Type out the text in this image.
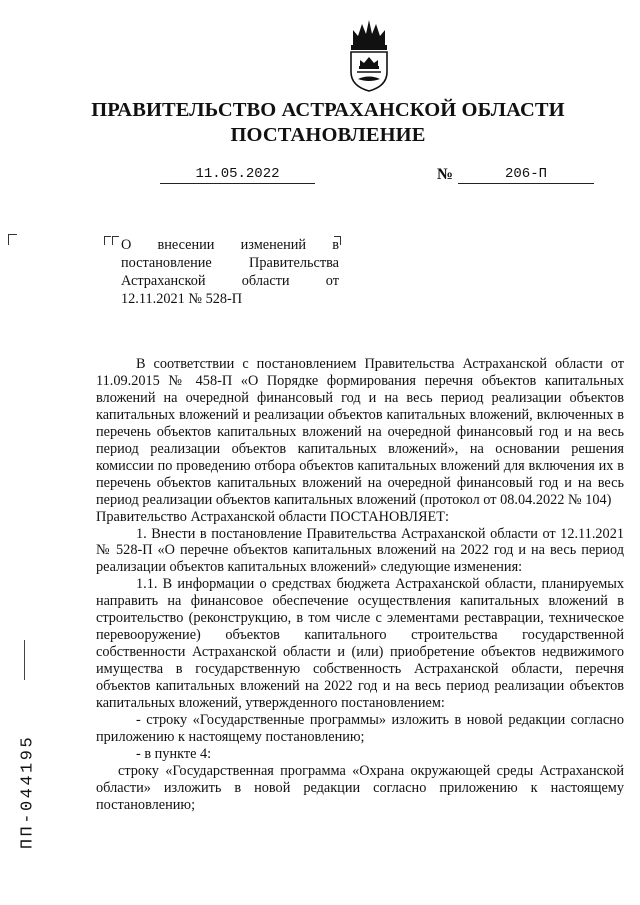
ПРАВИТЕЛЬСТВО АСТРАХАНСКОЙ ОБЛАСТИ
ПОСТАНОВЛЕНИЕ
11.05.2022	№	206-П
О внесении изменений в постановление Правительства Астраханской области от 12.11.2021 № 528-П

В соответствии с постановлением Правительства Астраханской области от 11.09.2015 № 458-П «О Порядке формирования перечня объектов капитальных вложений на очередной финансовый год и на весь период реализации объектов капитальных вложений и реализации объектов капитальных вложений, включенных в перечень объектов капитальных вложений на очередной финансовый год и на весь период реализации объектов капитальных вложений», на основании решения комиссии по проведению отбора объектов капитальных вложений для включения их в перечень объектов капитальных вложений на очередной финансовый год и на весь период реализации объектов капитальных вложений (протокол от 08.04.2022 № 104)

Правительство Астраханской области ПОСТАНОВЛЯЕТ:

1. Внести в постановление Правительства Астраханской области от 12.11.2021 № 528-П «О перечне объектов капитальных вложений на 2022 год и на весь период реализации объектов капитальных вложений» следующие изменения:

1.1. В информации о средствах бюджета Астраханской области, планируемых направить на финансовое обеспечение осуществления капитальных вложений в строительство (реконструкцию, в том числе с элементами реставрации, техническое перевооружение) объектов капитального строительства государственной собственности Астраханской области и (или) приобретение объектов недвижимого имущества в государственную собственность Астраханской области, перечня объектов капитальных вложений на 2022 год и на весь период реализации объектов капитальных вложений, утвержденного постановлением:

- строку «Государственные программы» изложить в новой редакции согласно приложению к настоящему постановлению;

- в пункте 4:

строку «Государственная программа «Охрана окружающей среды Астраханской области» изложить в новой редакции согласно приложению к настоящему постановлению;

ПП-044195
